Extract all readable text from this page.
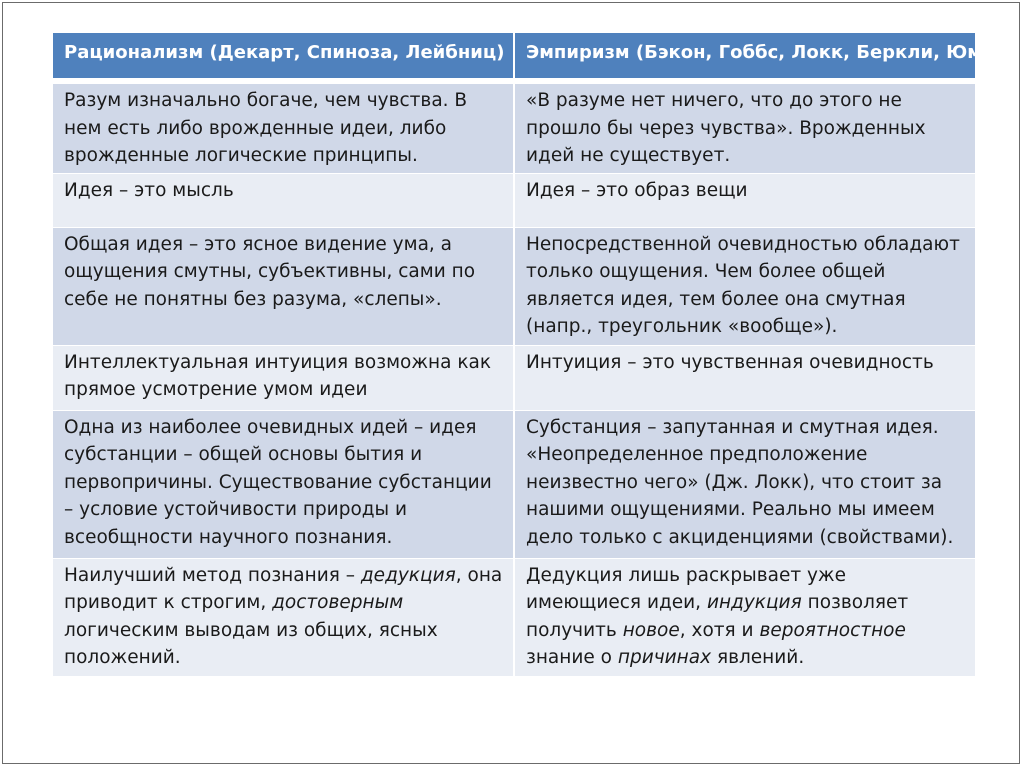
Рационализм (Декарт, Спиноза, Лейбниц)	Эмпиризм (Бэкон, Гоббс, Локк, Беркли, Юм)
Разум изначально богаче, чем чувства. В нем есть либо врожденные идеи, либо врожденные логические принципы.	«В разуме нет ничего, что до этого не прошло бы через чувства». Врожденных идей не существует.
Идея – это мысль	Идея – это образ вещи
Общая идея – это ясное видение ума, а ощущения смутны, субъективны, сами по себе не понятны без разума, «слепы».	Непосредственной очевидностью обладают только ощущения. Чем более общей является идея, тем более она смутная (напр., треугольник «вообще»).
Интеллектуальная интуиция возможна как прямое усмотрение умом идеи	Интуиция – это чувственная очевидность
Одна из наиболее очевидных идей – идея субстанции – общей основы бытия и первопричины. Существование субстанции – условие устойчивости природы и всеобщности научного познания.	Субстанция – запутанная и смутная идея. «Неопределенное предположение неизвестно чего» (Дж. Локк), что стоит за нашими ощущениями. Реально мы имеем дело только с акциденциями (свойствами).
Наилучший метод познания – дедукция, она приводит к строгим, достоверным логическим выводам из общих, ясных положений.	Дедукция лишь раскрывает уже имеющиеся идеи, индукция позволяет получить новое, хотя и вероятностное знание о причинах явлений.
